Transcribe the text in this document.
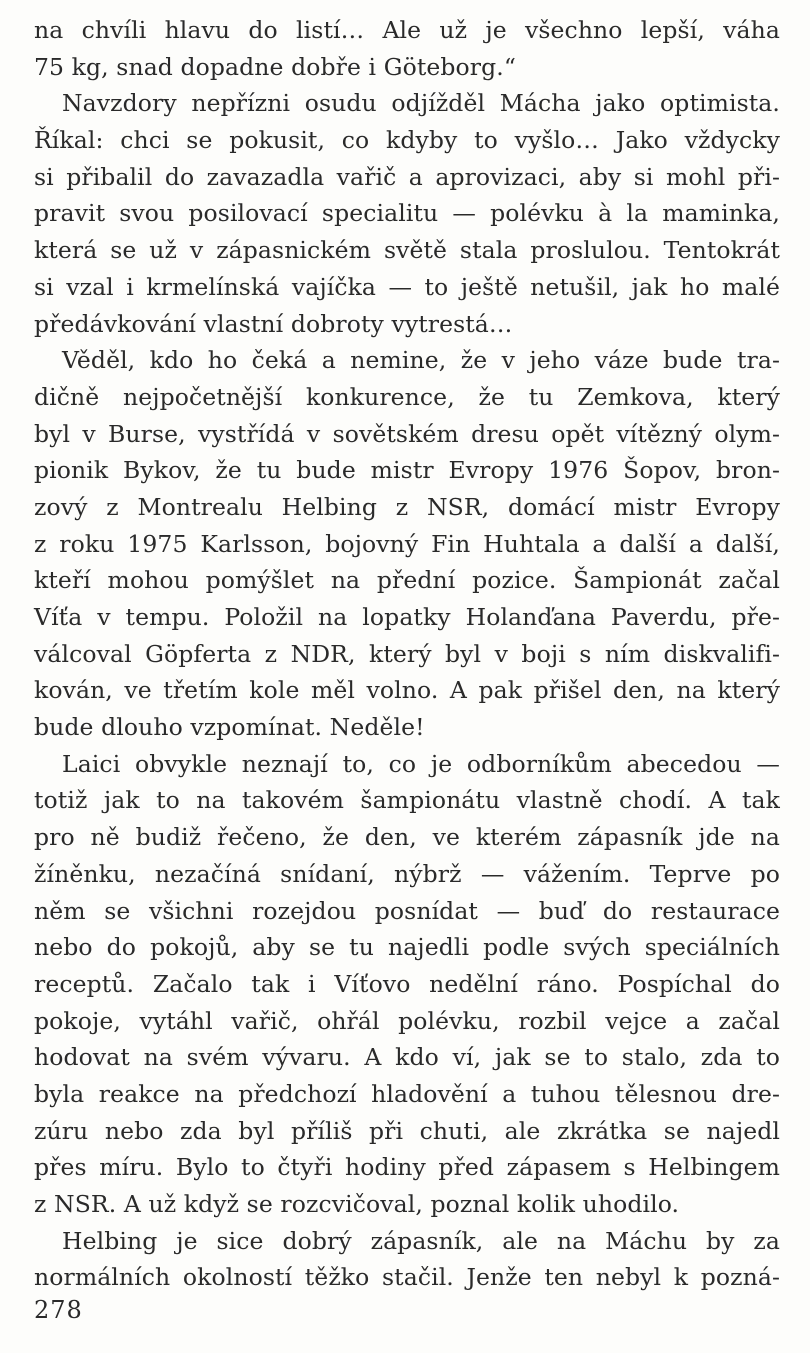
na chvíli hlavu do listí… Ale už je všechno lepší, váha
75 kg, snad dopadne dobře i Göteborg.“
Navzdory nepřízni osudu odjížděl Mácha jako optimista.
Říkal: chci se pokusit, co kdyby to vyšlo… Jako vždycky
si přibalil do zavazadla vařič a aprovizaci, aby si mohl při-
pravit svou posilovací specialitu — polévku à la maminka,
která se už v zápasnickém světě stala proslulou. Tentokrát
si vzal i krmelínská vajíčka — to ještě netušil, jak ho malé
předávkování vlastní dobroty vytrestá…
Věděl, kdo ho čeká a nemine, že v jeho váze bude tra-
dičně nejpočetnější konkurence, že tu Zemkova, který
byl v Burse, vystřídá v sovětském dresu opět vítězný olym-
pionik Bykov, že tu bude mistr Evropy 1976 Šopov, bron-
zový z Montrealu Helbing z NSR, domácí mistr Evropy
z roku 1975 Karlsson, bojovný Fin Huhtala a další a další,
kteří mohou pomýšlet na přední pozice. Šampionát začal
Víťa v tempu. Položil na lopatky Holanďana Paverdu, pře-
válcoval Göpferta z NDR, který byl v boji s ním diskvalifi-
kován, ve třetím kole měl volno. A pak přišel den, na který
bude dlouho vzpomínat. Neděle!
Laici obvykle neznají to, co je odborníkům abecedou —
totiž jak to na takovém šampionátu vlastně chodí. A tak
pro ně budiž řečeno, že den, ve kterém zápasník jde na
žíněnku, nezačíná snídaní, nýbrž — vážením. Teprve po
něm se všichni rozejdou posnídat — buď do restaurace
nebo do pokojů, aby se tu najedli podle svých speciálních
receptů. Začalo tak i Víťovo nedělní ráno. Pospíchal do
pokoje, vytáhl vařič, ohřál polévku, rozbil vejce a začal
hodovat na svém vývaru. A kdo ví, jak se to stalo, zda to
byla reakce na předchozí hladovění a tuhou tělesnou dre-
zúru nebo zda byl příliš při chuti, ale zkrátka se najedl
přes míru. Bylo to čtyři hodiny před zápasem s Helbingem
z NSR. A už když se rozcvičoval, poznal kolik uhodilo.
Helbing je sice dobrý zápasník, ale na Máchu by za
normálních okolností těžko stačil. Jenže ten nebyl k pozná-
278
